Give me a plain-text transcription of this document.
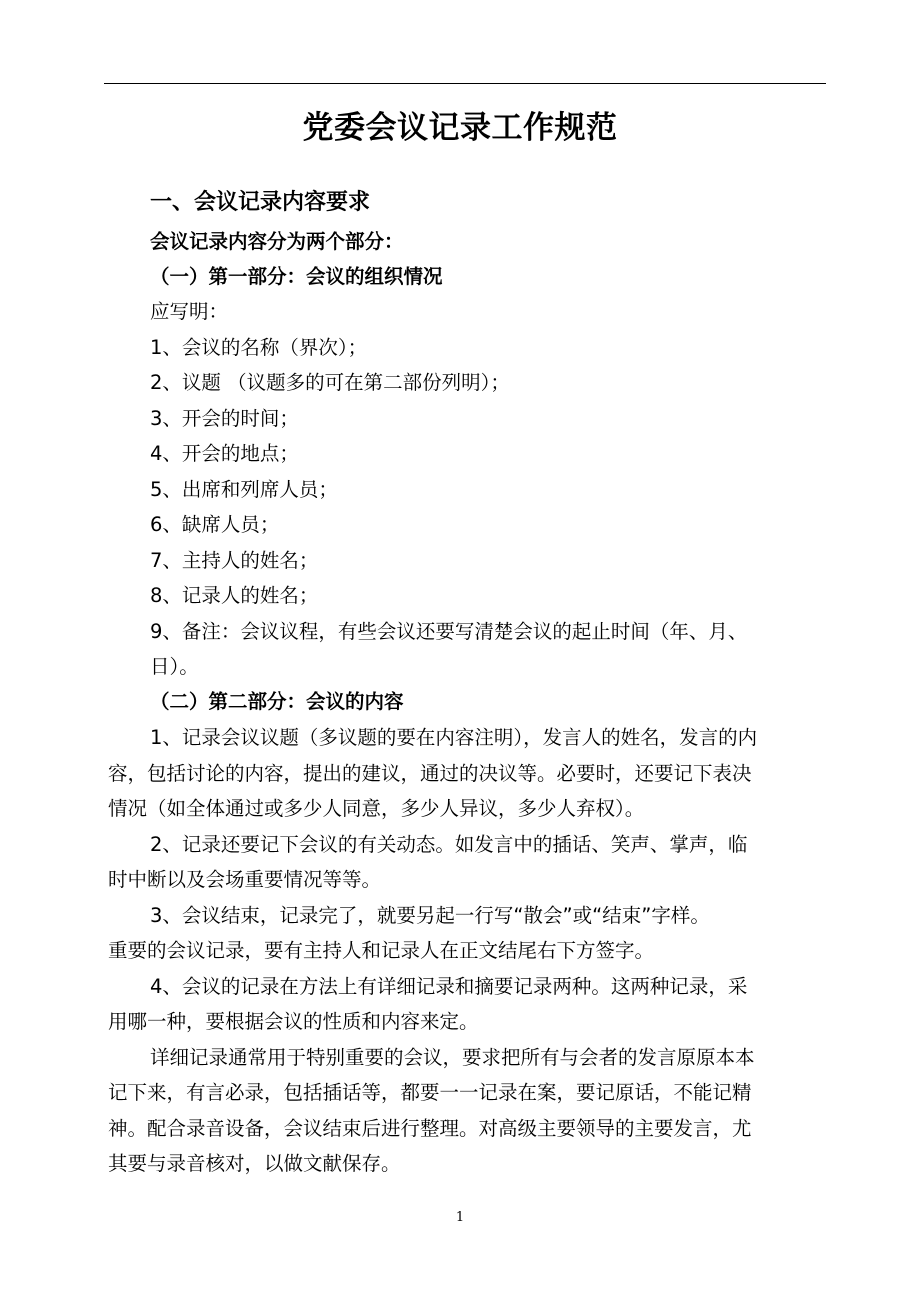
党委会议记录工作规范
一、会议记录内容要求
会议记录内容分为两个部分：
（一）第一部分：会议的组织情况
应写明：
1、会议的名称（界次）；
2、议题 （议题多的可在第二部份列明）；
3、开会的时间；
4、开会的地点；
5、出席和列席人员；
6、缺席人员；
7、主持人的姓名；
8、记录人的姓名；
9、备注：会议议程，有些会议还要写清楚会议的起止时间（年、月、
日）。
（二）第二部分：会议的内容
1、记录会议议题（多议题的要在内容注明），发言人的姓名，发言的内
容，包括讨论的内容，提出的建议，通过的决议等。必要时，还要记下表决
情况（如全体通过或多少人同意，多少人异议，多少人弃权）。
2、记录还要记下会议的有关动态。如发言中的插话、笑声、掌声，临
时中断以及会场重要情况等等。
3、会议结束，记录完了，就要另起一行写“散会”或“结束”字样。
重要的会议记录，要有主持人和记录人在正文结尾右下方签字。
4、会议的记录在方法上有详细记录和摘要记录两种。这两种记录，采
用哪一种，要根据会议的性质和内容来定。
详细记录通常用于特别重要的会议，要求把所有与会者的发言原原本本
记下来，有言必录，包括插话等，都要一一记录在案，要记原话，不能记精
神。配合录音设备，会议结束后进行整理。对高级主要领导的主要发言，尤
其要与录音核对，以做文献保存。
1
